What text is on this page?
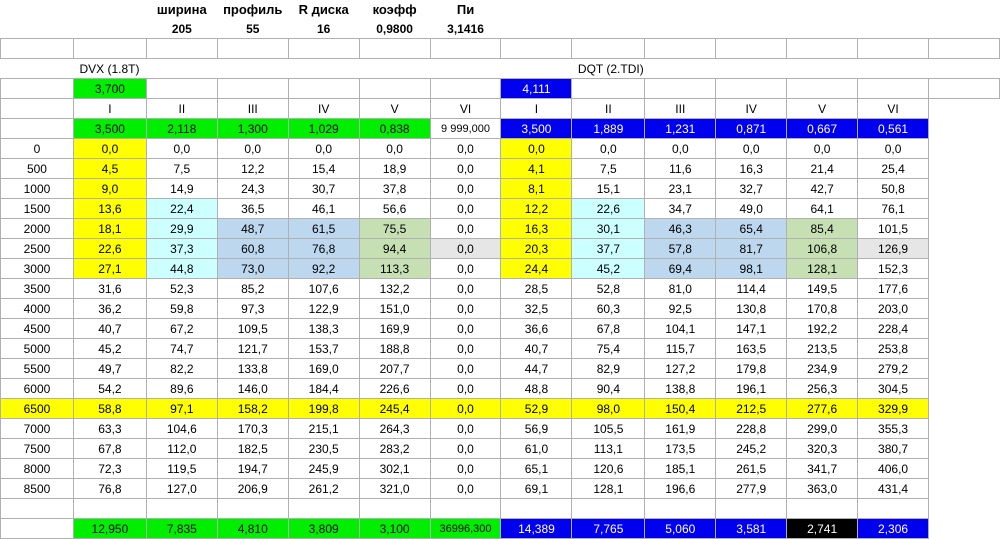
		ширина	профиль	R диска	коэфф	Пи							
		205	55	16	0,9800	3,1416							

	DVX (1.8T)							DQT (2.TDI)					
	3,700						4,111						
	I	II	III	IV	V	VI	I	II	III	IV	V	VI	
	3,500	2,118	1,300	1,029	0,838	9 999,000	3,500	1,889	1,231	0,871	0,667	0,561	
0	0,0	0,0	0,0	0,0	0,0	0,0	0,0	0,0	0,0	0,0	0,0	0,0	
500	4,5	7,5	12,2	15,4	18,9	0,0	4,1	7,5	11,6	16,3	21,4	25,4	
1000	9,0	14,9	24,3	30,7	37,8	0,0	8,1	15,1	23,1	32,7	42,7	50,8	
1500	13,6	22,4	36,5	46,1	56,6	0,0	12,2	22,6	34,7	49,0	64,1	76,1	
2000	18,1	29,9	48,7	61,5	75,5	0,0	16,3	30,1	46,3	65,4	85,4	101,5	
2500	22,6	37,3	60,8	76,8	94,4	0,0	20,3	37,7	57,8	81,7	106,8	126,9	
3000	27,1	44,8	73,0	92,2	113,3	0,0	24,4	45,2	69,4	98,1	128,1	152,3	
3500	31,6	52,3	85,2	107,6	132,2	0,0	28,5	52,8	81,0	114,4	149,5	177,6	
4000	36,2	59,8	97,3	122,9	151,0	0,0	32,5	60,3	92,5	130,8	170,8	203,0	
4500	40,7	67,2	109,5	138,3	169,9	0,0	36,6	67,8	104,1	147,1	192,2	228,4	
5000	45,2	74,7	121,7	153,7	188,8	0,0	40,7	75,4	115,7	163,5	213,5	253,8	
5500	49,7	82,2	133,8	169,0	207,7	0,0	44,7	82,9	127,2	179,8	234,9	279,2	
6000	54,2	89,6	146,0	184,4	226,6	0,0	48,8	90,4	138,8	196,1	256,3	304,5	
6500	58,8	97,1	158,2	199,8	245,4	0,0	52,9	98,0	150,4	212,5	277,6	329,9	
7000	63,3	104,6	170,3	215,1	264,3	0,0	56,9	105,5	161,9	228,8	299,0	355,3	
7500	67,8	112,0	182,5	230,5	283,2	0,0	61,0	113,1	173,5	245,2	320,3	380,7	
8000	72,3	119,5	194,7	245,9	302,1	0,0	65,1	120,6	185,1	261,5	341,7	406,0	
8500	76,8	127,0	206,9	261,2	321,0	0,0	69,1	128,1	196,6	277,9	363,0	431,4	

	12,950	7,835	4,810	3,809	3,100	36996,300	14,389	7,765	5,060	3,581	2,741	2,306	
